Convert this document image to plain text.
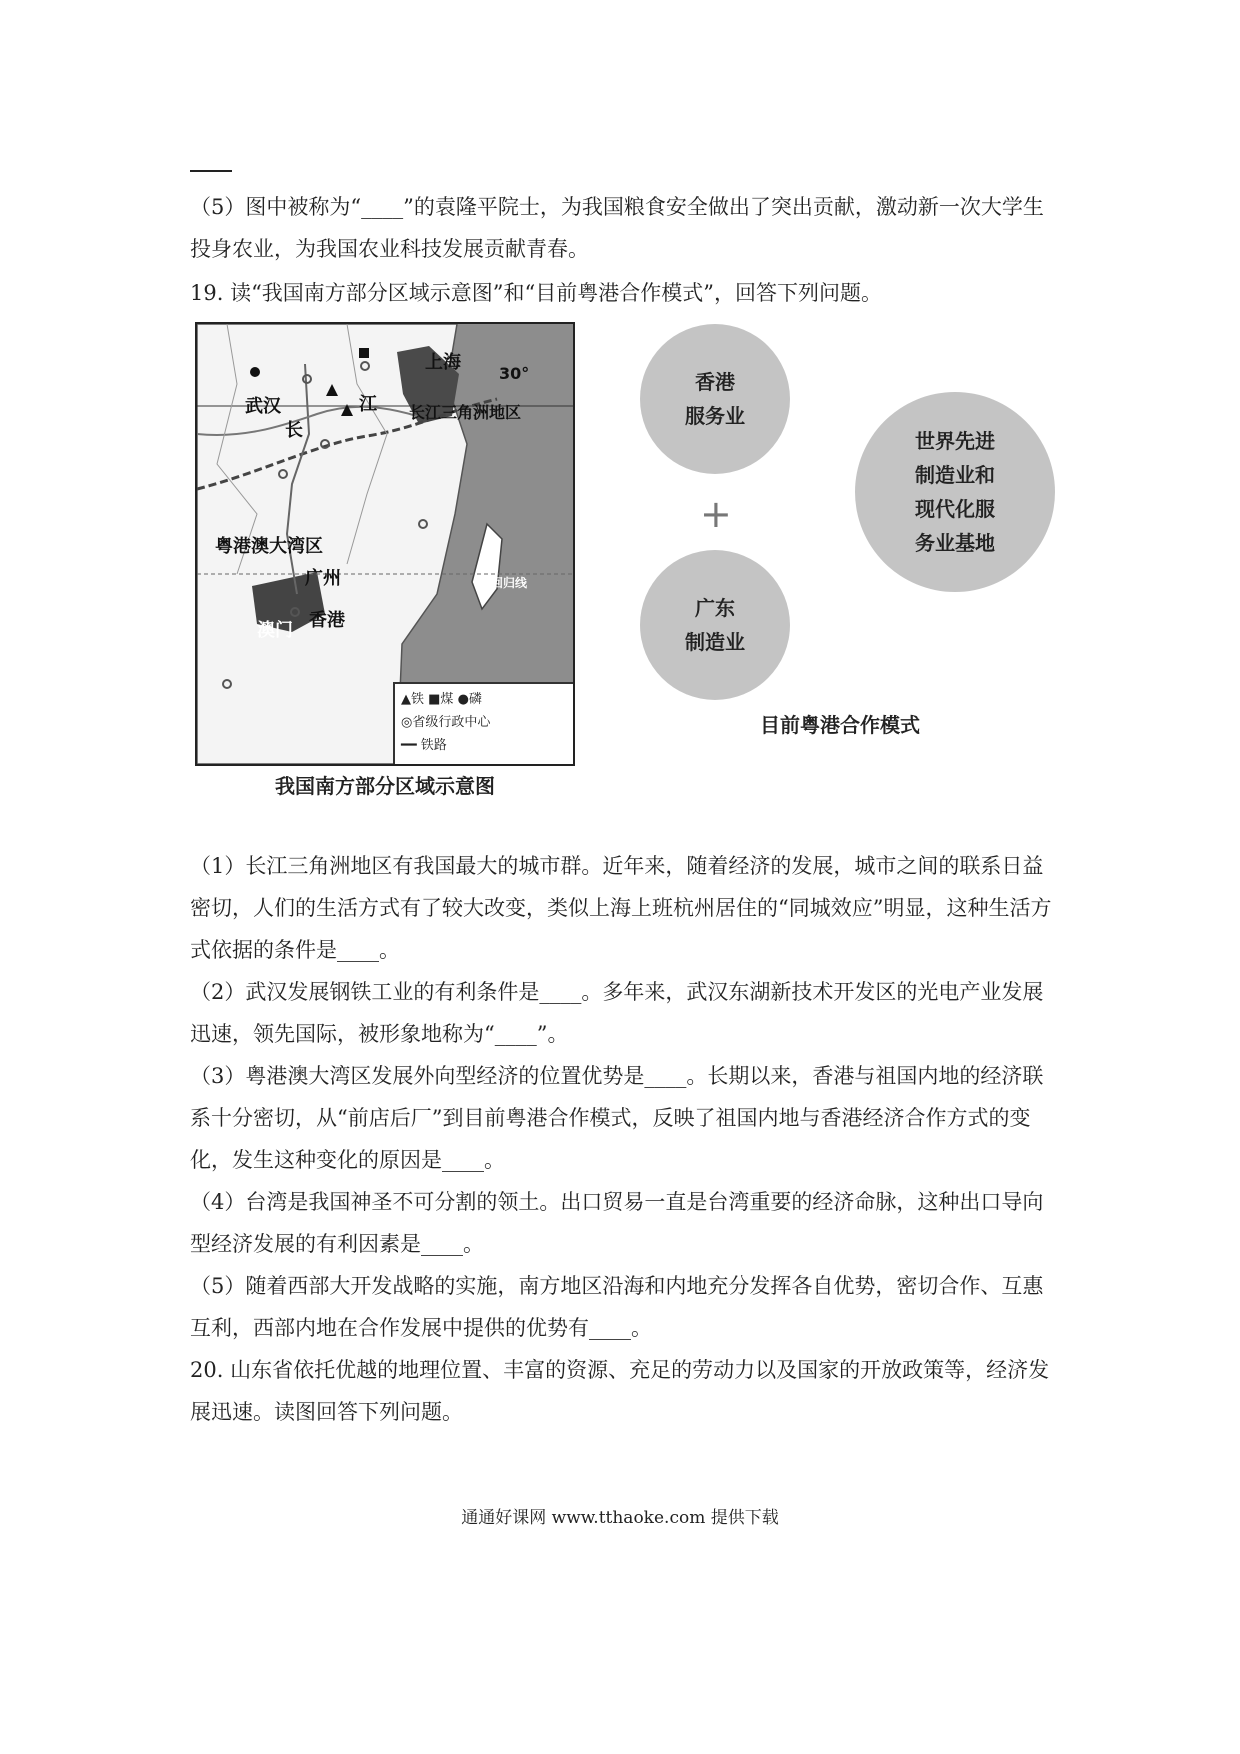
（5）图中被称为“____”的袁隆平院士，为我国粮食安全做出了突出贡献，激动新一次大学生投身农业，为我国农业科技发展贡献青春。

19. 读“我国南方部分区域示意图”和“目前粤港合作模式”，回答下列问题。

上海
30°
武汉	江
长
长江三角洲地区
粤港澳大湾区
广州
香港
澳门
北回归线
▲铁 ■煤 ●磷
◎省级行政中心
━━ 铁路
我国南方部分区域示意图
香港
服务业
+
广东
制造业
世界先进
制造业和
现代化服
务业基地
目前粤港合作模式

（1）长江三角洲地区有我国最大的城市群。近年来，随着经济的发展，城市之间的联系日益密切，人们的生活方式有了较大改变，类似上海上班杭州居住的“同城效应”明显，这种生活方式依据的条件是____。

（2）武汉发展钢铁工业的有利条件是____。多年来，武汉东湖新技术开发区的光电产业发展迅速，领先国际，被形象地称为“____”。

（3）粤港澳大湾区发展外向型经济的位置优势是____。长期以来，香港与祖国内地的经济联系十分密切，从“前店后厂”到目前粤港合作模式，反映了祖国内地与香港经济合作方式的变化，发生这种变化的原因是____。

（4）台湾是我国神圣不可分割的领土。出口贸易一直是台湾重要的经济命脉，这种出口导向型经济发展的有利因素是____。

（5）随着西部大开发战略的实施，南方地区沿海和内地充分发挥各自优势，密切合作、互惠互利，西部内地在合作发展中提供的优势有____。

20. 山东省依托优越的地理位置、丰富的资源、充足的劳动力以及国家的开放政策等，经济发展迅速。读图回答下列问题。

通通好课网 www.tthaoke.com 提供下载
